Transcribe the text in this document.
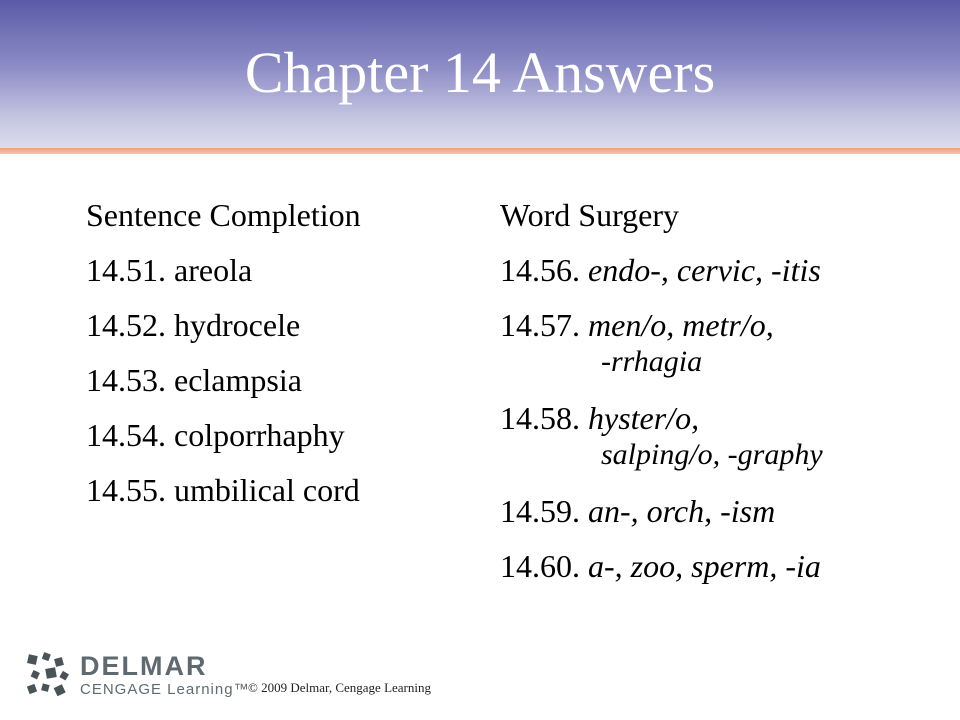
Chapter 14 Answers
Sentence Completion
14.51. areola
14.52. hydrocele
14.53. eclampsia
14.54. colporrhaphy
14.55. umbilical cord
Word Surgery
14.56. endo-, cervic, -itis
14.57. men/o, metr/o,
-rrhagia
14.58. hyster/o,
salping/o, -graphy
14.59. an-, orch, -ism
14.60. a-, zoo, sperm, -ia
DELMAR
CENGAGE Learning™
© 2009 Delmar, Cengage Learning
